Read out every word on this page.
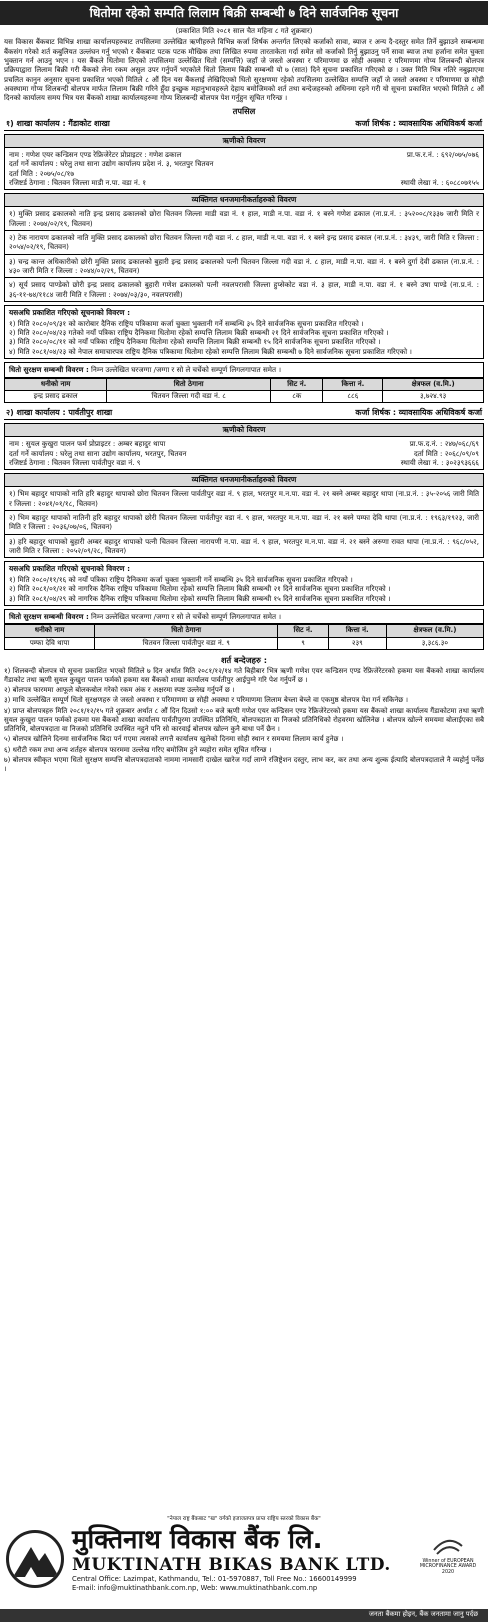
धितोमा रहेको सम्पति लिलाम बिक्री सम्बन्धी ७ दिने सार्वजनिक सूचना
(प्रकाशित मिति २०८१ साल चैत महिना ८ गते शुक्रबार)
यस विकास बैंकबाट विभिन्न शाखा कार्यालयहरुबाट तपसिलमा उल्लेखित ऋणीहरुले विभिन्न कर्जा शिर्षक अन्तर्गत लिएको कर्जाको सावा, ब्याज र अन्य दै-दस्तुर समेत तिर्ने बुझाउने सम्बन्धमा बैंकसंग गरेको शर्त कबुलियत उल्लंघन गर्नु भएको र बैंकबाट पटक पटक मौखिक तथा लिखित रुपमा तारताकेता गर्दा समेत सो कर्जाको तिर्नु बुझाउनु पर्ने सावा ब्याज तथा हर्जाना समेत चुक्ता भुक्तान गर्न आउनु भएन । यस बैंकले धितोमा लिएको तपसिलमा उल्लेखित धितो (सम्पत्ति) जहाँ जे जस्तो अवस्था र परिमाणमा छ सोही अवस्था र परिमाणमा गोप्य शिलबन्दी बोलपत्र प्रक्रियाद्वारा लिलाम बिक्री गरी बैंकको लेना रकम असुल उपर गर्नुपर्ने भएकोले धितो लिलाम बिक्री सम्बन्धी यो ७ (सात) दिने सूचना प्रकाशित गरिएको छ । उक्त मिति भित्र नतिरे नबुझाएमा प्रचलित कानुन अनुसार सूचना प्रकाशित भएको मितिले ८ औं दिन यस बैंकलाई लेखिदिएको धितो सुरक्षणमा रहेको तपसिलमा उल्लेखित सम्पत्ति जहाँ जे जस्तो अवस्था र परिमाणमा छ सोही अवस्थामा गोप्य शिलबन्दी बोलपत्र मार्फत लिलाम बिक्री गरिने हुँदा इच्छुक महानुभावहरुले देहाय बमोजिमको शर्त तथा बन्देजहरुको अधिनमा रहने गरी यो सूचना प्रकाशित भएको मितिले ८ औं दिनको कार्यालय समय भित्र यस बैंकको शाखा कार्यालयहरुमा गोप्य शिलबन्दी बोलपत्र पेश गर्नुहुन सूचित गरिन्छ ।
तपसिल
१) शाखा कार्यालय : गैंडाकोट शाखा	कर्जा शिर्षक : व्यावसायिक अधिविकर्ष कर्जा
ऋणीको विवरण
नाम : गणेश एयर कन्डिसन एण्ड रेफ्रिजेरेटर प्रोप्राइटर : गणेश ढकाल	प्रा.फ.र.नं. : ६९२/०७५/०७६
दर्ता गर्ने कार्यालय : घरेलु तथा साना उद्योग कार्यालय प्रदेश नं. ३, भरतपुर चितवन
दर्ता मिति : २०७५/०८/१७
रजिष्टर्ड ठेगाना : चितवन जिल्ला माडी न.पा. वडा नं. १	स्थायी लेखा नं. : ६०८८०७१५५
व्यक्तिगत धनजमानीकर्ताहरुको विवरण
१) मुक्ति प्रसाद ढकालको नाति इन्द्र प्रसाद ढकालको छोरा चितवन जिल्ला माडी वडा नं. १ हाल, माडी न.पा. वडा नं. १ बस्ने गणेश ढकाल (ना.प्र.नं. : ३५२००८/१३३७ जारी मिति र जिल्ला : २०७४/०२/१९, चितवन)
२) टेक नारायण ढकालको नाति मुक्ति प्रसाद ढकालको छोरा चितवन जिल्ला गदी वडा नं. ८ हाल, माडी न.पा. वडा नं. १ बस्ने इन्द्र प्रसाद ढकाल (ना.प्र.नं. : ३४३९, जारी मिति र जिल्ला : २०५४/०२/१९, चितवन)
३) चन्द्र कान्त अधिकारीको छोरी मुक्ति प्रसाद ढकालको बुहारी इन्द्र प्रसाद ढकालको पत्नी चितवन जिल्ला गदी वडा नं. ८ हाल, माडी न.पा. वडा नं. १ बस्ने दुर्गा देवी ढकाल (ना.प्र.नं. : ४३० जारी मिति र जिल्ला : २०४४/०२/२९, चितवन)
४) सूर्य प्रसाद पाण्डेको छोरी इन्द्र प्रसाद ढकालको बुहारी गणेश ढकालको पत्नी नवलपरासी जिल्ला हुप्सेकोट वडा नं. ३ हाल, माडी न.पा. वडा नं. १ बस्ने उषा पाण्डे (ना.प्र.नं. : ३६-११-७४/११८४ जारी मिति र जिल्ला : २०७४/०३/३०, नवलपरासी)
यसअघि प्रकाशित गरिएको सूचनाको विवरण :
१) मिति २०८०/०९/३१ को कारोबार दैनिक राष्ट्रिय पत्रिकामा कर्जा चुक्ता भुक्तानी गर्ने सम्बन्धि ३५ दिने सार्वजनिक सूचना प्रकाशित गरिएको ।
२) मिति २०८०/०४/२३ गतेको नयाँ पत्रिका राष्ट्रिय दैनिकमा धितोमा रहेको सम्पत्ति लिलाम बिक्री सम्बन्धी २१ दिने सार्वजनिक सूचना प्रकाशित गरिएको ।
३) मिति २०८०/०८/११ को नयाँ पत्रिका राष्ट्रिय दैनिकमा धितोमा रहेको सम्पत्ति लिलाम बिक्री सम्बन्धी १५ दिने सार्वजनिक सूचना प्रकाशित गरिएको ।
४) मिति २०८१/०४/२३ को नेपाल समाचारपत्र राष्ट्रिय दैनिक पत्रिकामा धितोमा रहेको सम्पत्ति लिलाम बिक्री सम्बन्धी ७ दिने सार्वजनिक सूचना प्रकाशित गरिएको ।
धितो सुरक्षण सम्बन्धी विवरण : निम्न उल्लेखित घरजग्गा /जग्गा र सो ले चर्चेको सम्पूर्ण लिगलगापात समेत ।
धनीको नाम	धितो ठेगाना	सिट नं.	कित्ता नं.	क्षेत्रफल (व.मि.)
इन्द्र प्रसाद ढकाल	चितवन जिल्ला गदी वडा नं. ८	८क	८८६	३,७२४.९३
२) शाखा कार्यालय : पार्वतीपुर शाखा	कर्जा शिर्षक : व्यावसायिक अधिविकर्ष कर्जा
ऋणीको विवरण
नाम : सुयल कुखुरा पालन फर्म प्रोप्राइटर : अम्बर बहादुर थापा	प्रा.फ.द.नं. : २४७/०६८/६९
दर्ता गर्ने कार्यालय : घरेलु तथा साना उद्योग कार्यालय, भरतपुर, चितवन	दर्ता मिति : २०६८/०९/०९
रजिष्टर्ड ठेगाना : चितवन जिल्ला पार्वतीपुर वडा नं. ९	स्थायी लेखा नं. : ३०२३९३६६६
व्यक्तिगत धनजमानीकर्ताहरुको विवरण
१) भिम बहादुर थापाको नाति हरि बहादुर थापाको छोरा चितवन जिल्ला पार्वतीपुर वडा नं. ९ हाल, भरतपुर म.न.पा. वडा नं. २१ बस्ने अम्बर बहादुर थापा (ना.प्र.नं. : ३५-२०५६ जारी मिति र जिल्ला : २०४१/०१/१८, चितवन)
२) भिम बहादुर थापाको नातिनी हरि बहादुर थापाको छोरी चितवन जिल्ला पार्वतीपुर वडा नं. ९ हाल, भरतपुर म.न.पा. वडा नं. २१ बस्ने पम्फा देवि थापा (ना.प्र.नं. : १९६३/१९२३, जारी मिति र जिल्ला : २०३६/०७/०६, चितवन)
३) हरि बहादुर थापाको बुहारी अम्बर बहादुर थापाको पत्नी चितवन जिल्ला नारायणी न.पा. वडा नं. ९ हाल, भरतपुर म.न.पा. वडा नं. २१ बस्ने अरुणा रावत थापा (ना.प्र.नं. : ९६८/०५२, जारी मिति र जिल्ला : २०५२/०९/२८, चितवन)
यसअघि प्रकाशित गरिएको सूचनाको विवरण :
१) मिति २०८०/११/१६ को नयाँ पत्रिका राष्ट्रिय दैनिकमा कर्जा चुक्ता भुक्तानी गर्ने सम्बन्धि ३५ दिने सार्वजनिक सूचना प्रकाशित गरिएको ।
२) मिति २०८१/०१/२१ को नागरिक दैनिक राष्ट्रिय पत्रिकामा धितोमा रहेको सम्पत्ति लिलाम बिक्री सम्बन्धी २१ दिने सार्वजनिक सूचना प्रकाशित गरिएको ।
३) मिति २०८१/०४/२९ को नागरिक दैनिक राष्ट्रिय पत्रिकामा धितोमा रहेको सम्पत्ति लिलाम बिक्री सम्बन्धी १५ दिने सार्वजनिक सूचना प्रकाशित गरिएको ।
धितो सुरक्षण सम्बन्धी विवरण : निम्न उल्लेखित घरजग्गा /जग्गा र सो ले चर्चेको सम्पूर्ण लिगलगापात समेत ।
धनीको नाम	धितो ठेगाना	सिट नं.	कित्ता नं.	क्षेत्रफल (व.मि.)
पम्फा देवि थापा	चितवन जिल्ला पार्वतीपुर वडा नं. ९	९	२३९	३,३८६.३०
शर्त बन्देजहरु :
१) शिलबन्दी बोलपत्र यो सूचना प्रकाशित भएको मितिले ७ दिन अर्थात मिति २०८१/१२/१४ गते बिहीबार भित्र ऋणी गणेश एयर कन्डिसन एण्ड रेफ्रिजेरेटरको हकमा यस बैंकको शाखा कार्यालय गैंडाकोट तथा ऋणी सुयल कुखुरा पालन फर्मको हकमा यस बैंकको शाखा कार्यालय पार्वतीपुर आईपुग्ने गरि पेश गर्नुपर्ने छ ।
२) बोलपत्र फारममा आफूले बोलकबोल गरेको रकम अंक र अक्षरमा स्पष्ट उल्लेख गर्नुपर्ने छ ।
३) माथि उल्लेखित सम्पूर्ण धितो सुरक्षणहरु जे जस्तो अवस्था र परिमाणमा छ सोही अवस्था र परिमाणमा लिलाम बेच्ला बेच्ले वा एकमुष्ठ बोलपत्र पेश गर्न सकिनेछ ।
४) प्राप्त बोलपत्रहरु मिति २०८१/१२/१५ गते शुक्रबार अर्थात ८ औं दिन दिउसो १:०० बजे ऋणी गणेश एयर कन्डिसन एण्ड रेफ्रिजेरेटरको हकमा यस बैंकको शाखा कार्यालय गैंडाकोटमा तथा ऋणी सुयल कुखुरा पालन फर्मको हकमा यस बैंकको शाखा कार्यालय पार्वतीपुरमा उपस्थित प्रतिनिधि, बोलपत्रदाता वा निजको प्रतिनिधिको रोहवरमा खोलिनेछ । बोलपत्र खोल्ने समयमा बोलाईएका सबै प्रतिनिधि, बोलपत्रदाता वा निजको प्रतिनिधि उपस्थित नहुने पनि सो कारवाई बोलपत्र खोल्न कुनै बाधा पर्ने छैन ।
५) बोलपत्र खोलिने दिनमा सार्वजनिक बिदा पर्न गएमा त्यसको लगत्तै कार्यालय खुलेको दिनमा सोही स्थान र समयमा लिलाम कार्य हुनेछ ।
६) धरौटी रकम तथा अन्य शर्तहरु बोलपत्र फारममा उल्लेख गरिए बमोजिम हुने व्यहोरा समेत सूचित गरिन्छ ।
७) बोलपत्र स्वीकृत भएमा धितो सुरक्षण सम्पत्ति बोलपत्रदाताको नाममा नामसारी दाखेल खारेज गर्दा लाग्ने रजिष्ट्रेशन दस्तुर, लाभ कर, कर तथा अन्य शुल्क ईत्यादि बोलपत्रदाताले नै व्यहोर्नु पर्नेछ ।
"नेपाल राष्ट्र बैंकबाट "ख" वर्गको इजाजतपत्र प्राप्त राष्ट्रिय स्तरको विकास बैंक"
मुक्तिनाथ विकास बैंक लि.
MUKTINATH BIKAS BANK LTD.
Central Office: Lazimpat, Kathmandu, Tel.: 01-5970887, Toll Free No.: 16600149999
E-mail: info@muktinathbank.com.np, Web: www.muktinathbank.com.np
Winner of EUROPEAN MICROFINANCE AWARD 2020
जनता बैंकमा होइन, बैंक जनतामा जानु पर्दछ
